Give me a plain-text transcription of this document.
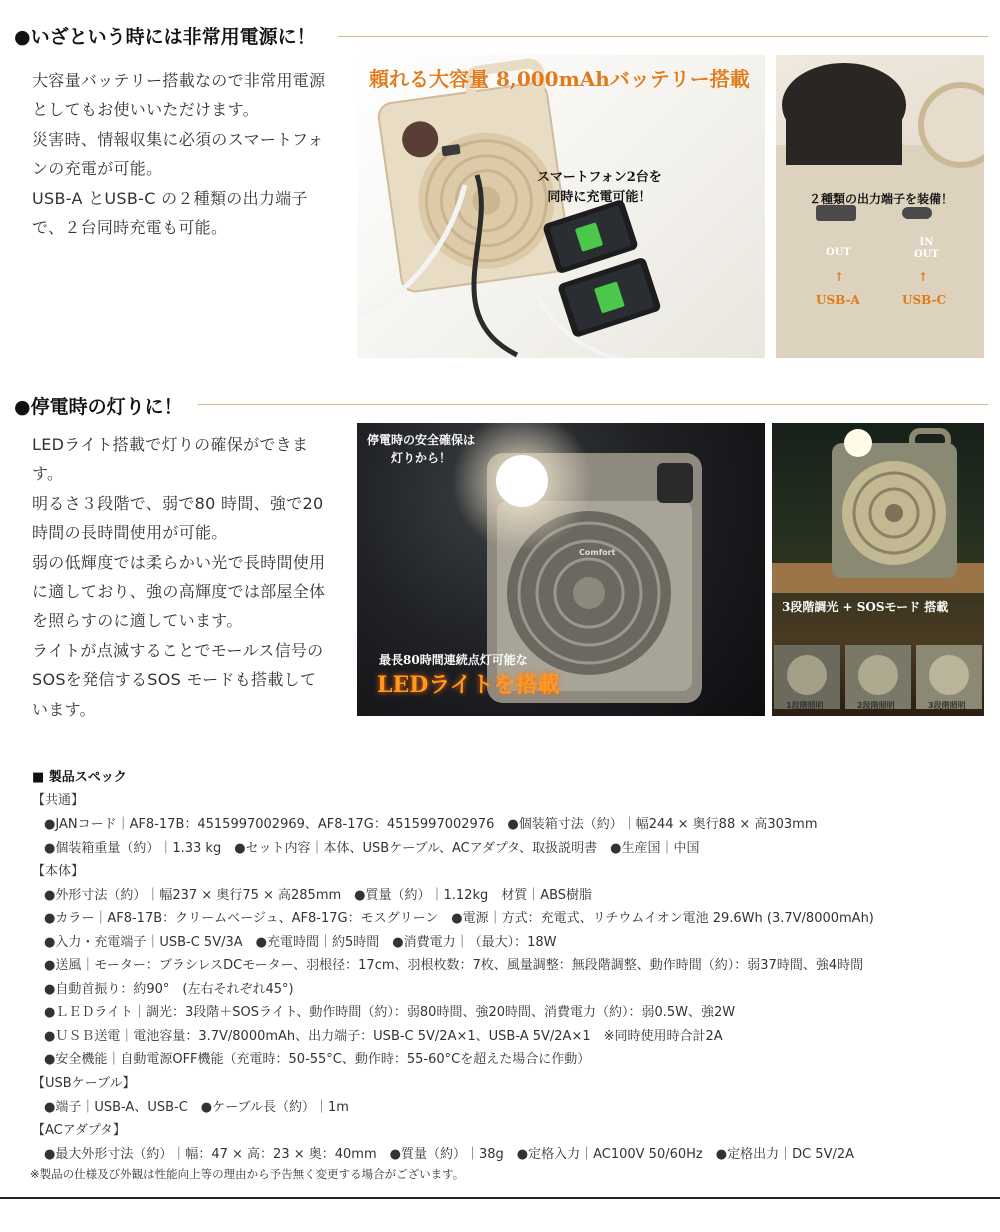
●いざという時には非常用電源に！

大容量バッテリー搭載なので非常用電源としてもお使いいただけます。

災害時、情報収集に必須のスマートフォンの充電が可能。

USB-A とUSB-C の２種類の出力端子で、２台同時充電も可能。

頼れる大容量 8,000mAhバッテリー搭載
スマートフォン2台を
同時に充電可能！	２種類の出力端子を装備！
OUT
IN
OUT
↑	↑
USB-A	USB-C
●停電時の灯りに！

LEDライト搭載で灯りの確保ができます。

明るさ３段階で、弱で80 時間、強で20時間の長時間使用が可能。

弱の低輝度では柔らかい光で長時間使用に適しており、強の高輝度では部屋全体を照らすのに適しています。

ライトが点滅することでモールス信号のSOSを発信するSOS モードも搭載しています。

停電時の安全確保は
灯りから！
Comfort
最長80時間連続点灯可能な
LEDライトを搭載
3段階調光 + SOSモード 搭載
1段階照明	2段階照明	3段階照明
■ 製品スペック
【共通】
●JANコード｜AF8-17B：4515997002969、AF8-17G：4515997002976　●個装箱寸法（約）｜幅244 × 奥行88 × 高303mm
●個装箱重量（約）｜1.33 kg　●セット内容｜本体、USBケーブル、ACアダプタ、取扱説明書　●生産国｜中国
【本体】
●外形寸法（約）｜幅237 × 奥行75 × 高285mm　●質量（約）｜1.12kg　材質｜ABS樹脂
●カラー｜AF8-17B：クリームベージュ、AF8-17G：モスグリーン　●電源｜方式：充電式、リチウムイオン電池 29.6Wh (3.7V/8000mAh)
●入力・充電端子｜USB-C 5V/3A　●充電時間｜約5時間　●消費電力｜（最大）：18W
●送風｜モーター：ブラシレスDCモーター、羽根径：17cm、羽根枚数：7枚、風量調整：無段階調整、動作時間（約）：弱37時間、強4時間
●自動首振り：約90°　(左右それぞれ45°)
●ＬＥＤライト｜調光：3段階＋SOSライト、動作時間（約）：弱80時間、強20時間、消費電力（約）：弱0.5W、強2W
●ＵＳＢ送電｜電池容量：3.7V/8000mAh、出力端子：USB-C 5V/2A×1、USB-A 5V/2A×1　※同時使用時合計2A
●安全機能｜自動電源OFF機能（充電時：50-55°C、動作時：55-60°Cを超えた場合に作動）
【USBケーブル】
●端子｜USB-A、USB-C　●ケーブル長（約）｜1m
【ACアダプタ】
●最大外形寸法（約）｜幅：47 × 高：23 × 奥：40mm　●質量（約）｜38g　●定格入力｜AC100V 50/60Hz　●定格出力｜DC 5V/2A
※製品の仕様及び外観は性能向上等の理由から予告無く変更する場合がございます。
